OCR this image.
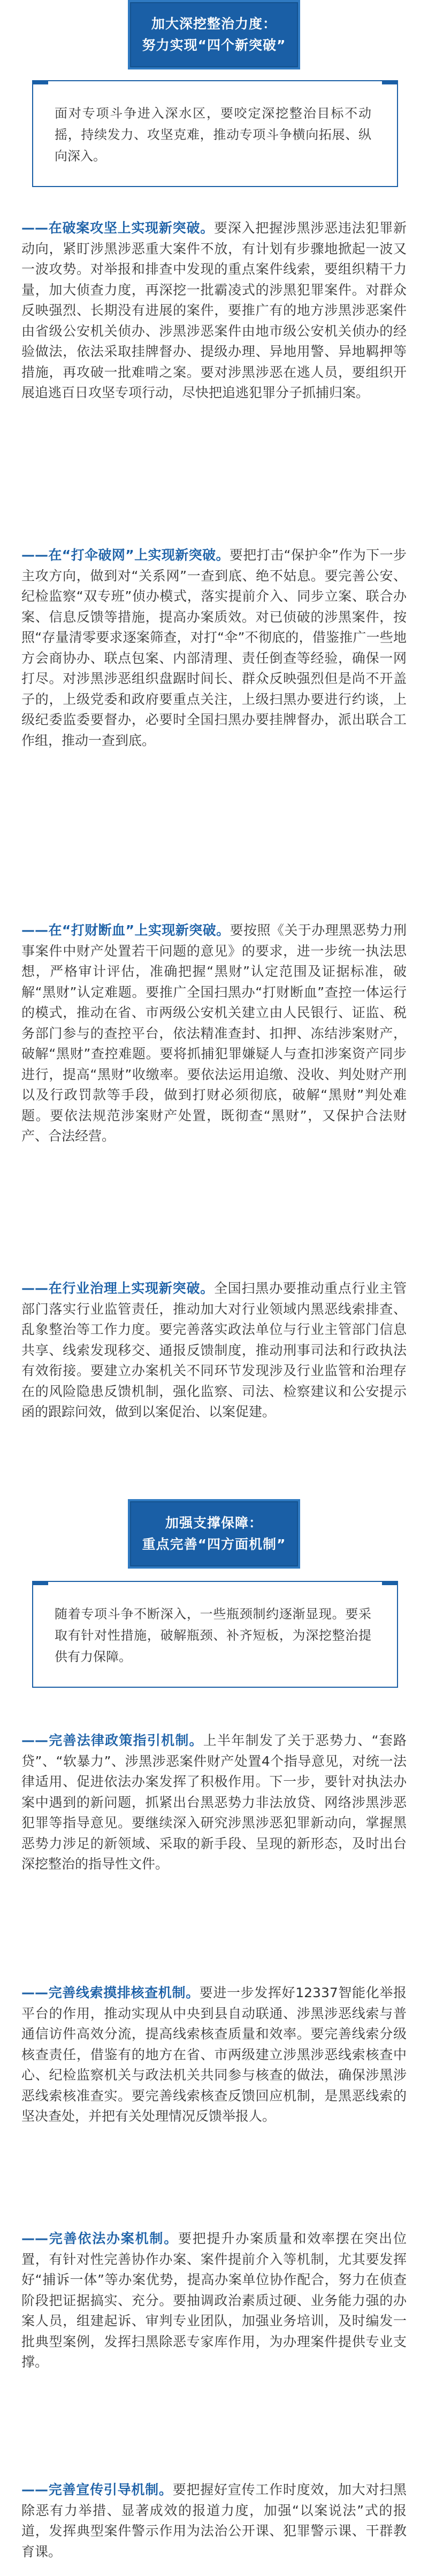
加大深挖整治力度：
努力实现“四个新突破”
面对专项斗争进入深水区，要咬定深挖整治目标不动摇，持续发力、攻坚克难，推动专项斗争横向拓展、纵向深入。
——在破案攻坚上实现新突破。要深入把握涉黑涉恶违法犯罪新动向，紧盯涉黑涉恶重大案件不放，有计划有步骤地掀起一波又一波攻势。对举报和排查中发现的重点案件线索，要组织精干力量，加大侦查力度，再深挖一批霸凌式的涉黑犯罪案件。对群众反映强烈、长期没有进展的案件，要推广有的地方涉黑涉恶案件由省级公安机关侦办、涉黑涉恶案件由地市级公安机关侦办的经验做法，依法采取挂牌督办、提级办理、异地用警、异地羁押等措施，再攻破一批难啃之案。要对涉黑涉恶在逃人员，要组织开展追逃百日攻坚专项行动，尽快把追逃犯罪分子抓捕归案。
——在“打伞破网”上实现新突破。要把打击“保护伞”作为下一步主攻方向，做到对“关系网”一查到底、绝不姑息。要完善公安、纪检监察“双专班”侦办模式，落实提前介入、同步立案、联合办案、信息反馈等措施，提高办案质效。对已侦破的涉黑案件，按照“存量清零要求逐案筛查，对打“伞”不彻底的，借鉴推广一些地方会商协办、联点包案、内部清理、责任倒查等经验，确保一网打尽。对涉黑涉恶组织盘踞时间长、群众反映强烈但是尚不开盖子的，上级党委和政府要重点关注，上级扫黑办要进行约谈，上级纪委监委要督办，必要时全国扫黑办要挂牌督办，派出联合工作组，推动一查到底。
——在“打财断血”上实现新突破。要按照《关于办理黑恶势力刑事案件中财产处置若干问题的意见》的要求，进一步统一执法思想，严格审计评估，准确把握“黑财”认定范围及证据标准，破解“黑财”认定难题。要推广全国扫黑办“打财断血”查控一体运行的模式，推动在省、市两级公安机关建立由人民银行、证监、税务部门参与的查控平台，依法精准查封、扣押、冻结涉案财产，破解“黑财”查控难题。要将抓捕犯罪嫌疑人与查扣涉案资产同步进行，提高“黑财”收缴率。要依法运用追缴、没收、判处财产刑以及行政罚款等手段，做到打财必须彻底，破解“黑财”判处难题。要依法规范涉案财产处置，既彻查“黑财”，又保护合法财产、合法经营。
——在行业治理上实现新突破。全国扫黑办要推动重点行业主管部门落实行业监管责任，推动加大对行业领域内黑恶线索排查、乱象整治等工作力度。要完善落实政法单位与行业主管部门信息共享、线索发现移交、通报反馈制度，推动刑事司法和行政执法有效衔接。要建立办案机关不同环节发现涉及行业监管和治理存在的风险隐患反馈机制，强化监察、司法、检察建议和公安提示函的跟踪问效，做到以案促治、以案促建。
加强支撑保障：
重点完善“四方面机制”
随着专项斗争不断深入，一些瓶颈制约逐渐显现。要采取有针对性措施，破解瓶颈、补齐短板，为深挖整治提供有力保障。
——完善法律政策指引机制。上半年制发了关于恶势力、“套路贷”、“软暴力”、涉黑涉恶案件财产处置4个指导意见，对统一法律适用、促进依法办案发挥了积极作用。下一步，要针对执法办案中遇到的新问题，抓紧出台黑恶势力非法放贷、网络涉黑涉恶犯罪等指导意见。要继续深入研究涉黑涉恶犯罪新动向，掌握黑恶势力涉足的新领域、采取的新手段、呈现的新形态，及时出台深挖整治的指导性文件。
——完善线索摸排核查机制。要进一步发挥好12337智能化举报平台的作用，推动实现从中央到县自动联通、涉黑涉恶线索与普通信访件高效分流，提高线索核查质量和效率。要完善线索分级核查责任，借鉴有的地方在省、市两级建立涉黑涉恶线索核查中心、纪检监察机关与政法机关共同参与核查的做法，确保涉黑涉恶线索核准查实。要完善线索核查反馈回应机制，是黑恶线索的坚决查处，并把有关处理情况反馈举报人。
——完善依法办案机制。要把提升办案质量和效率摆在突出位置，有针对性完善协作办案、案件提前介入等机制，尤其要发挥好“捕诉一体”等办案优势，提高办案单位协作配合，努力在侦查阶段把证据搞实、充分。要抽调政治素质过硬、业务能力强的办案人员，组建起诉、审判专业团队，加强业务培训，及时编发一批典型案例，发挥扫黑除恶专家库作用，为办理案件提供专业支撑。
——完善宣传引导机制。要把握好宣传工作时度效，加大对扫黑除恶有力举措、显著成效的报道力度，加强“以案说法”式的报道，发挥典型案件警示作用为法治公开课、犯罪警示课、干群教育课。
